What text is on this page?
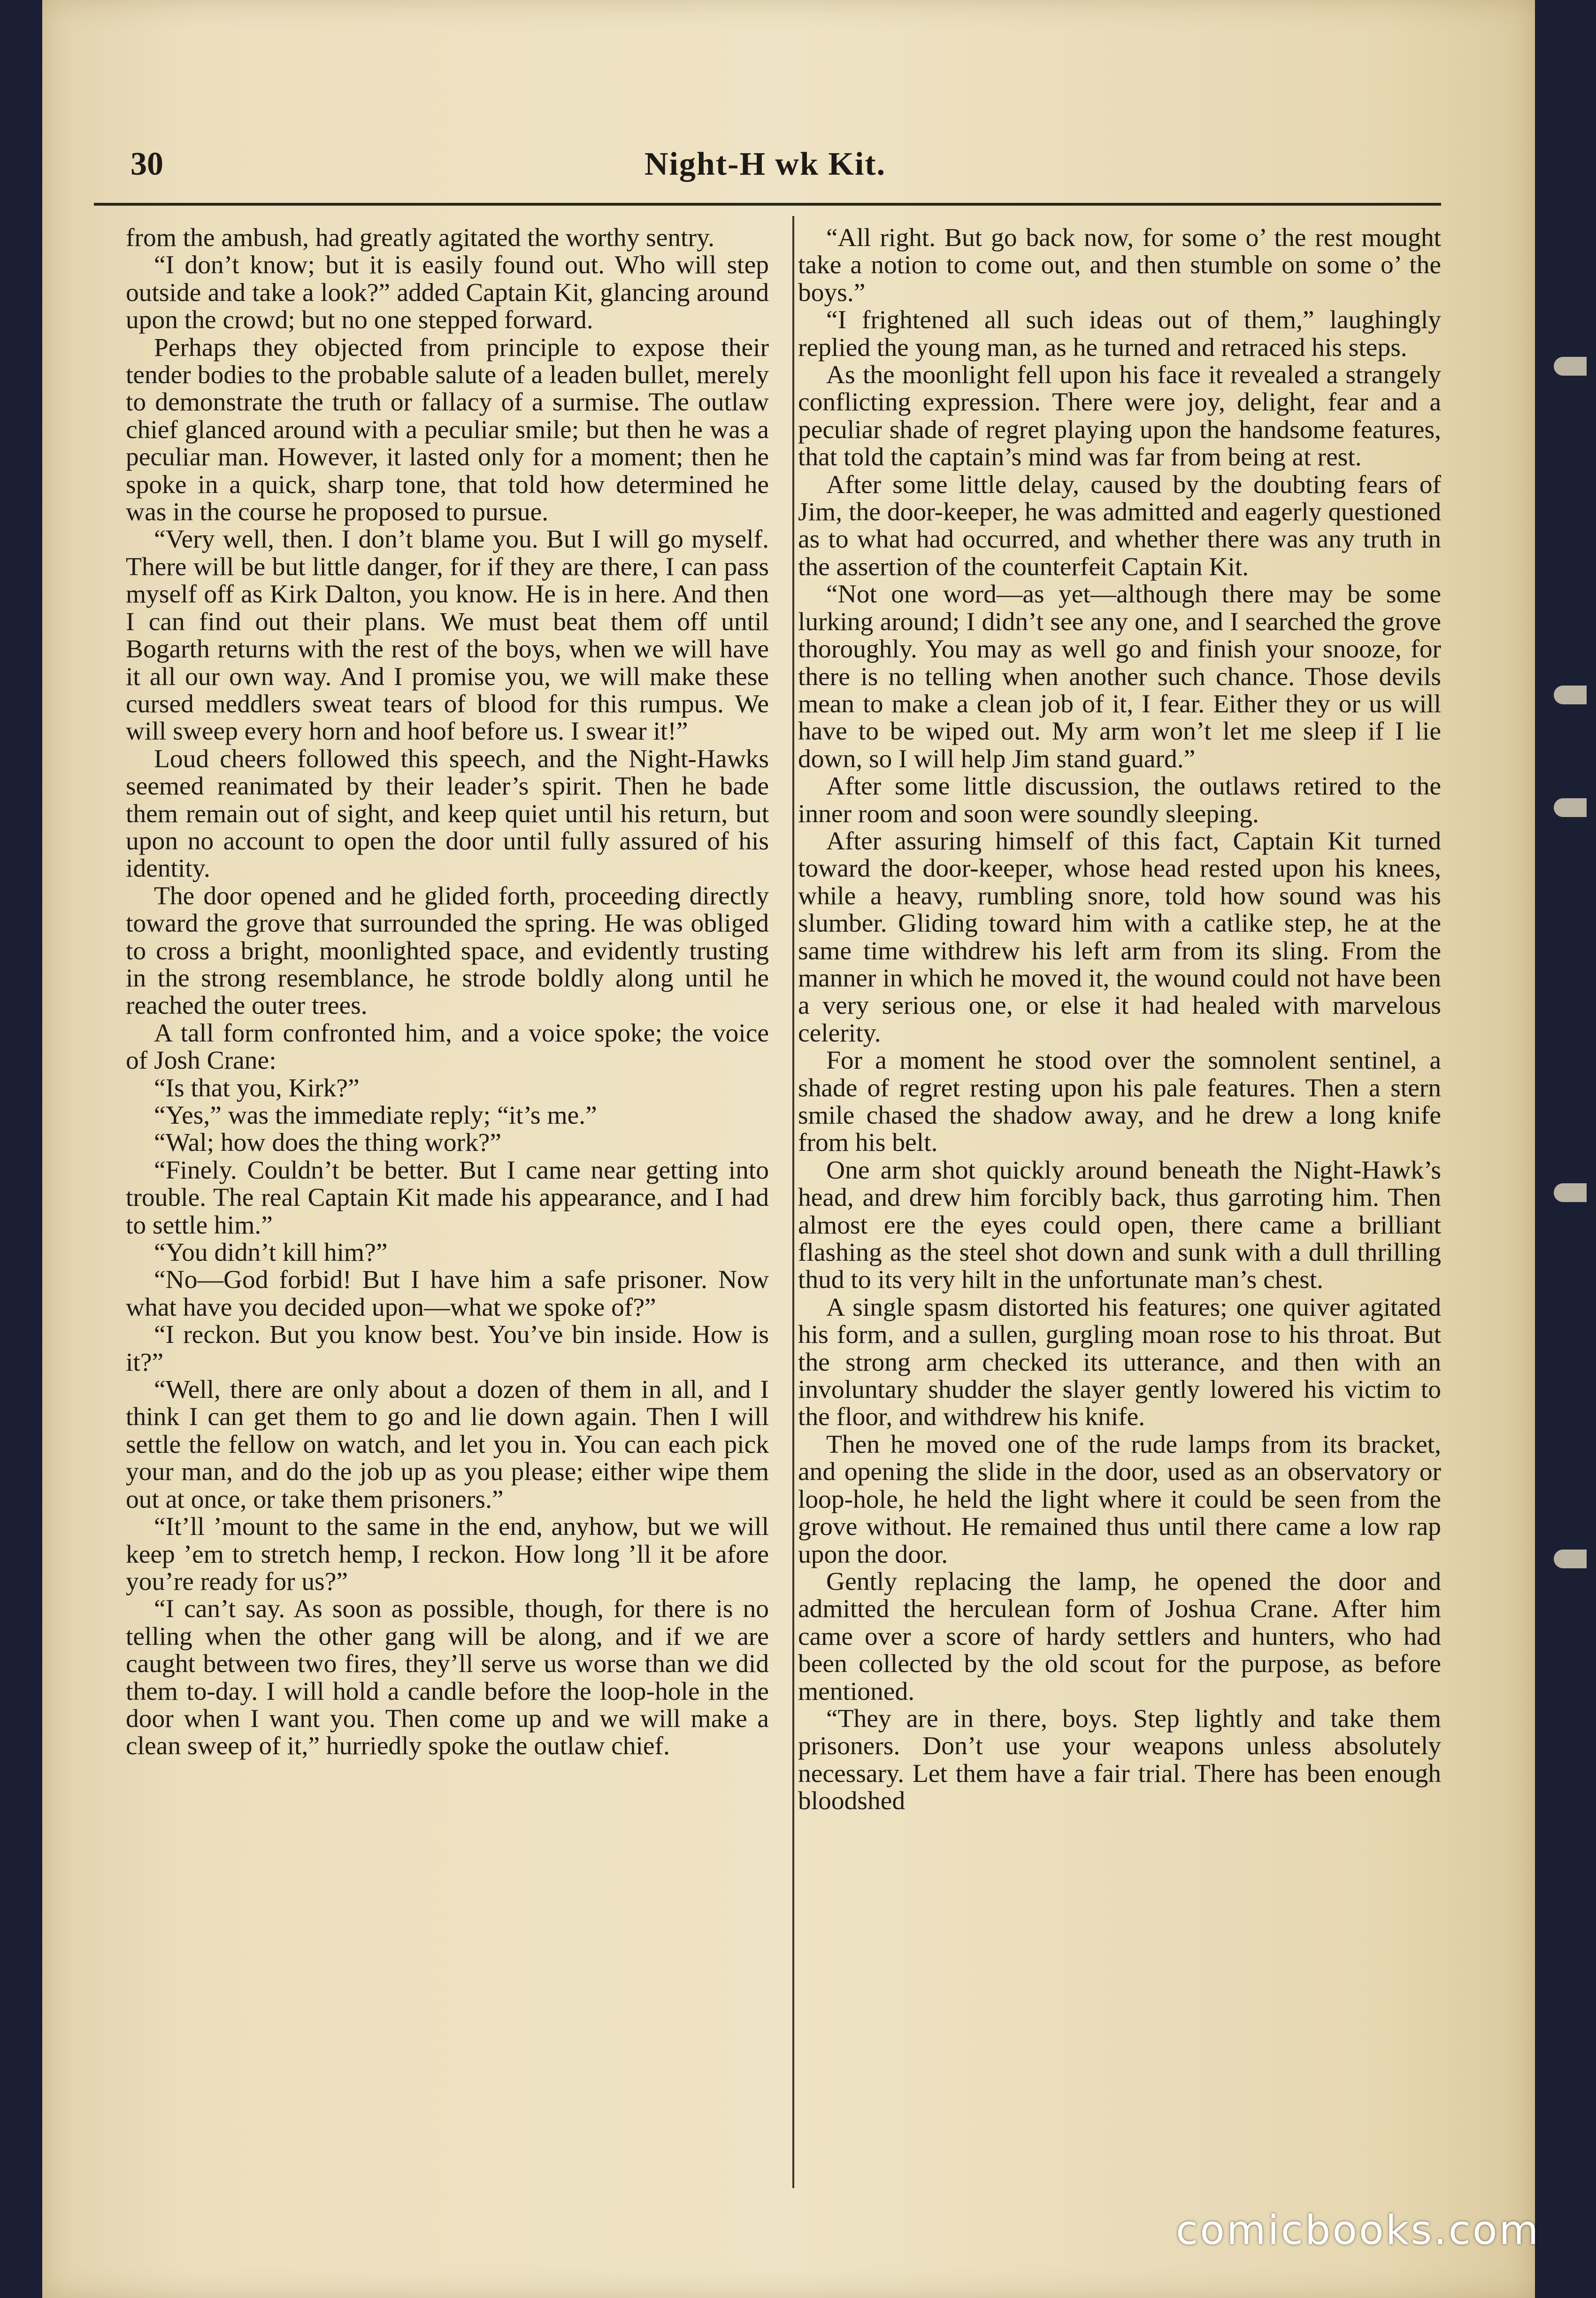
30	Night-H wk Kit.

from the ambush, had greatly agitated the worthy sentry.

“I don’t know; but it is easily found out. Who will step outside and take a look?” added Captain Kit, glancing around upon the crowd; but no one stepped forward.

Perhaps they objected from principle to expose their tender bodies to the probable salute of a leaden bullet, merely to demonstrate the truth or fallacy of a surmise. The outlaw chief glanced around with a peculiar smile; but then he was a peculiar man. However, it lasted only for a moment; then he spoke in a quick, sharp tone, that told how determined he was in the course he proposed to pursue.

“Very well, then. I don’t blame you. But I will go myself. There will be but little danger, for if they are there, I can pass myself off as Kirk Dalton, you know. He is in here. And then I can find out their plans. We must beat them off until Bogarth returns with the rest of the boys, when we will have it all our own way. And I promise you, we will make these cursed meddlers sweat tears of blood for this rumpus. We will sweep every horn and hoof before us. I swear it!”

Loud cheers followed this speech, and the Night-Hawks seemed reanimated by their leader’s spirit. Then he bade them remain out of sight, and keep quiet until his return, but upon no account to open the door until fully assured of his identity.

The door opened and he glided forth, proceeding directly toward the grove that surrounded the spring. He was obliged to cross a bright, moonlighted space, and evidently trusting in the strong resemblance, he strode boldly along until he reached the outer trees.

A tall form confronted him, and a voice spoke; the voice of Josh Crane:

“Is that you, Kirk?”

“Yes,” was the immediate reply; “it’s me.”

“Wal; how does the thing work?”

“Finely. Couldn’t be better. But I came near getting into trouble. The real Captain Kit made his appearance, and I had to settle him.”

“You didn’t kill him?”

“No—God forbid! But I have him a safe prisoner. Now what have you decided upon—what we spoke of?”

“I reckon. But you know best. You’ve bin inside. How is it?”

“Well, there are only about a dozen of them in all, and I think I can get them to go and lie down again. Then I will settle the fellow on watch, and let you in. You can each pick your man, and do the job up as you please; either wipe them out at once, or take them prisoners.”

“It’ll ’mount to the same in the end, anyhow, but we will keep ’em to stretch hemp, I reckon. How long ’ll it be afore you’re ready for us?”

“I can’t say. As soon as possible, though, for there is no telling when the other gang will be along, and if we are caught between two fires, they’ll serve us worse than we did them to-day. I will hold a candle before the loop-hole in the door when I want you. Then come up and we will make a clean sweep of it,” hurriedly spoke the outlaw chief.

“All right. But go back now, for some o’ the rest mought take a notion to come out, and then stumble on some o’ the boys.”

“I frightened all such ideas out of them,” laughingly replied the young man, as he turned and retraced his steps.

As the moonlight fell upon his face it revealed a strangely conflicting expression. There were joy, delight, fear and a peculiar shade of regret playing upon the handsome features, that told the captain’s mind was far from being at rest.

After some little delay, caused by the doubting fears of Jim, the door-keeper, he was admitted and eagerly questioned as to what had occurred, and whether there was any truth in the assertion of the counterfeit Captain Kit.

“Not one word—as yet—although there may be some lurking around; I didn’t see any one, and I searched the grove thoroughly. You may as well go and finish your snooze, for there is no telling when another such chance. Those devils mean to make a clean job of it, I fear. Either they or us will have to be wiped out. My arm won’t let me sleep if I lie down, so I will help Jim stand guard.”

After some little discussion, the outlaws retired to the inner room and soon were soundly sleeping.

After assuring himself of this fact, Captain Kit turned toward the door-keeper, whose head rested upon his knees, while a heavy, rumbling snore, told how sound was his slumber. Gliding toward him with a catlike step, he at the same time withdrew his left arm from its sling. From the manner in which he moved it, the wound could not have been a very serious one, or else it had healed with marvelous celerity.

For a moment he stood over the somnolent sentinel, a shade of regret resting upon his pale features. Then a stern smile chased the shadow away, and he drew a long knife from his belt.

One arm shot quickly around beneath the Night-Hawk’s head, and drew him forcibly back, thus garroting him. Then almost ere the eyes could open, there came a brilliant flashing as the steel shot down and sunk with a dull thrilling thud to its very hilt in the unfortunate man’s chest.

A single spasm distorted his features; one quiver agitated his form, and a sullen, gurgling moan rose to his throat. But the strong arm checked its utterance, and then with an involuntary shudder the slayer gently lowered his victim to the floor, and withdrew his knife.

Then he moved one of the rude lamps from its bracket, and opening the slide in the door, used as an observatory or loop-hole, he held the light where it could be seen from the grove without. He remained thus until there came a low rap upon the door.

Gently replacing the lamp, he opened the door and admitted the herculean form of Joshua Crane. After him came over a score of hardy settlers and hunters, who had been collected by the old scout for the purpose, as before mentioned.

“They are in there, boys. Step lightly and take them prisoners. Don’t use your weapons unless absolutely necessary. Let them have a fair trial. There has been enough bloodshed

comicbooks.com
